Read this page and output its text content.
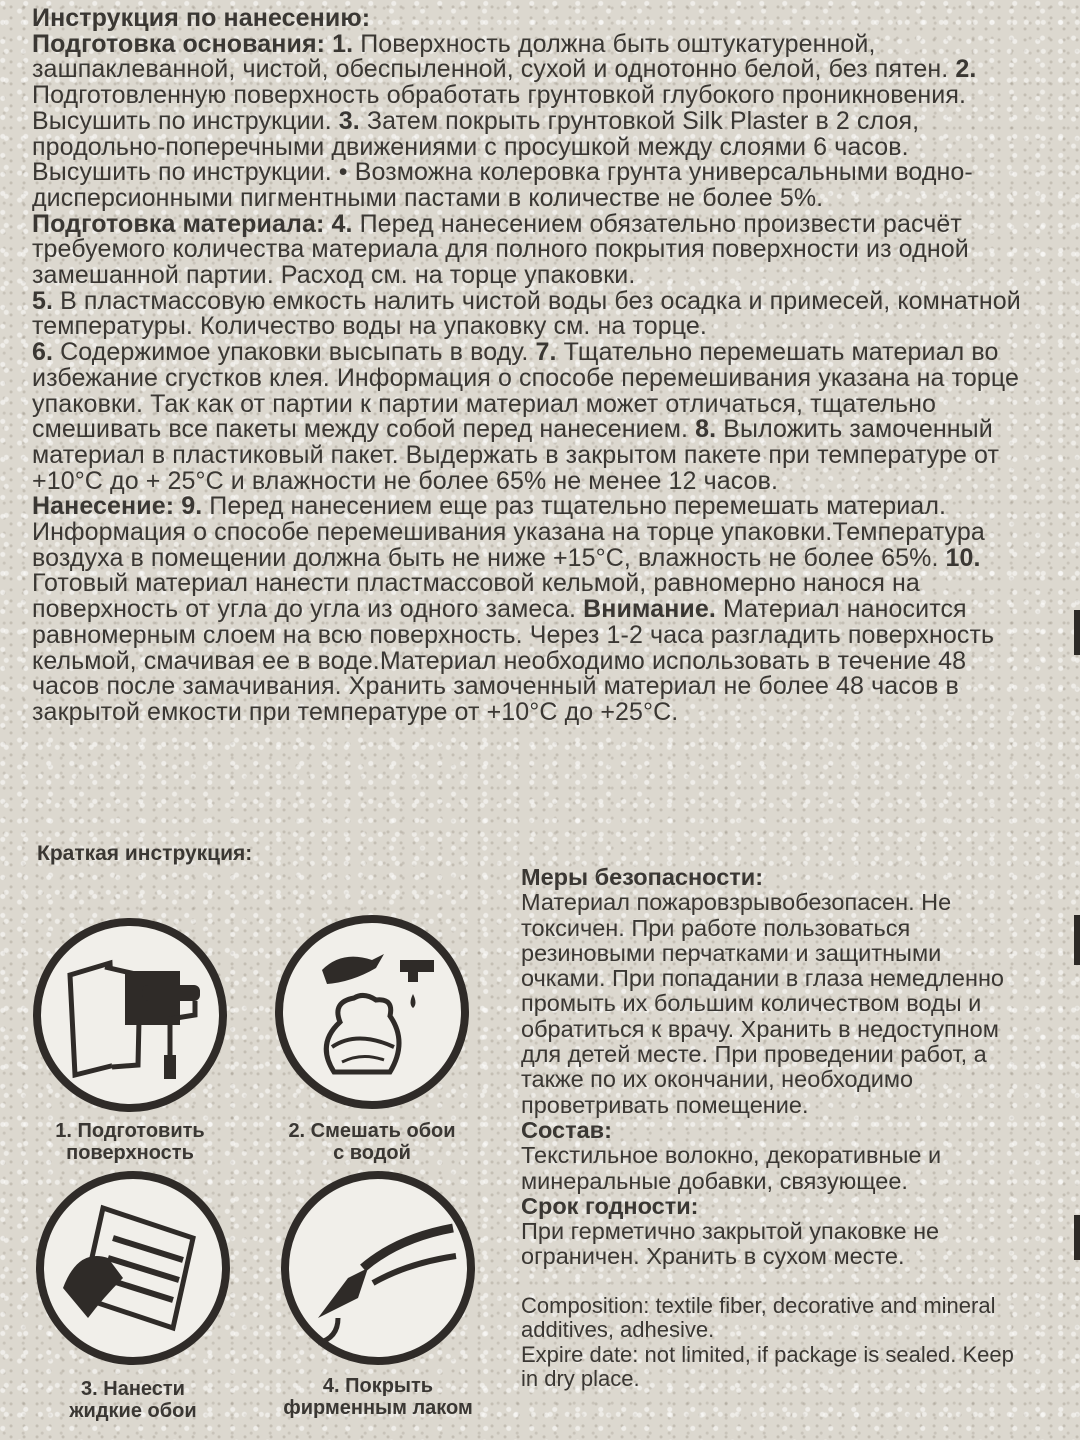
Инструкция по нанесению:

Подготовка основания: 1. Поверхность должна быть оштукатуренной, зашпаклеванной, чистой, обеспыленной, сухой и однотонно белой, без пятен. 2. Подготовленную поверхность обработать грунтовкой глубокого проникновения. Высушить по инструкции. 3. Затем покрыть грунтовкой Silk Plaster в 2 слоя, продольно-поперечными движениями с просушкой между слоями 6 часов. Высушить по инструкции. • Возможна колеровка грунта универсальными водно-дисперсионными пигментными пастами в количестве не более 5%.

Подготовка материала: 4. Перед нанесением обязательно произвести расчёт требуемого количества материала для полного покрытия поверхности из одной замешанной партии. Расход см. на торце упаковки.

5. В пластмассовую емкость налить чистой воды без осадка и примесей, комнатной температуры. Количество воды на упаковку см. на торце.

6. Содержимое упаковки высыпать в воду. 7. Тщательно перемешать материал во избежание сгустков клея. Информация о способе перемешивания указана на торце упаковки. Так как от партии к партии материал может отличаться, тщательно смешивать все пакеты между собой перед нанесением. 8. Выложить замоченный материал в пластиковый пакет. Выдержать в закрытом пакете при температуре от +10°С до + 25°С и влажности не более 65% не менее 12 часов.

Нанесение: 9. Перед нанесением еще раз тщательно перемешать материал. Информация о способе перемешивания указана на торце упаковки.Температура воздуха в помещении должна быть не ниже +15°С, влажность не более 65%. 10. Готовый материал нанести пластмассовой кельмой, равномерно нанося на поверхность от угла до угла из одного замеса. Внимание. Материал наносится равномерным слоем на всю поверхность. Через 1-2 часа разгладить поверхность кельмой, смачивая ее в воде.Материал необходимо использовать в течение 48 часов после замачивания. Хранить замоченный материал не более 48 часов в закрытой емкости при температуре от +10°С до +25°С.

Краткая инструкция:
1. Подготовить
поверхность
2. Смешать обои
с водой
3. Нанести
жидкие обои
4. Покрыть
фирменным лаком

Меры безопасности:

Материал пожаровзрывобезопасен. Не токсичен. При работе пользоваться резиновыми перчатками и защитными очками. При попадании в глаза немедленно промыть их большим количеством воды и обратиться к врачу. Хранить в недоступном для детей месте. При проведении работ, а также по их окончании, необходимо проветривать помещение.

Состав:

Текстильное волокно, декоративные и минеральные добавки, связующее.

Срок годности:

При герметично закрытой упаковке не ограничен. Хранить в сухом месте.

Composition: textile fiber, decorative and mineral additives, adhesive.

Expire date: not limited, if package is sealed. Keep in dry place.
